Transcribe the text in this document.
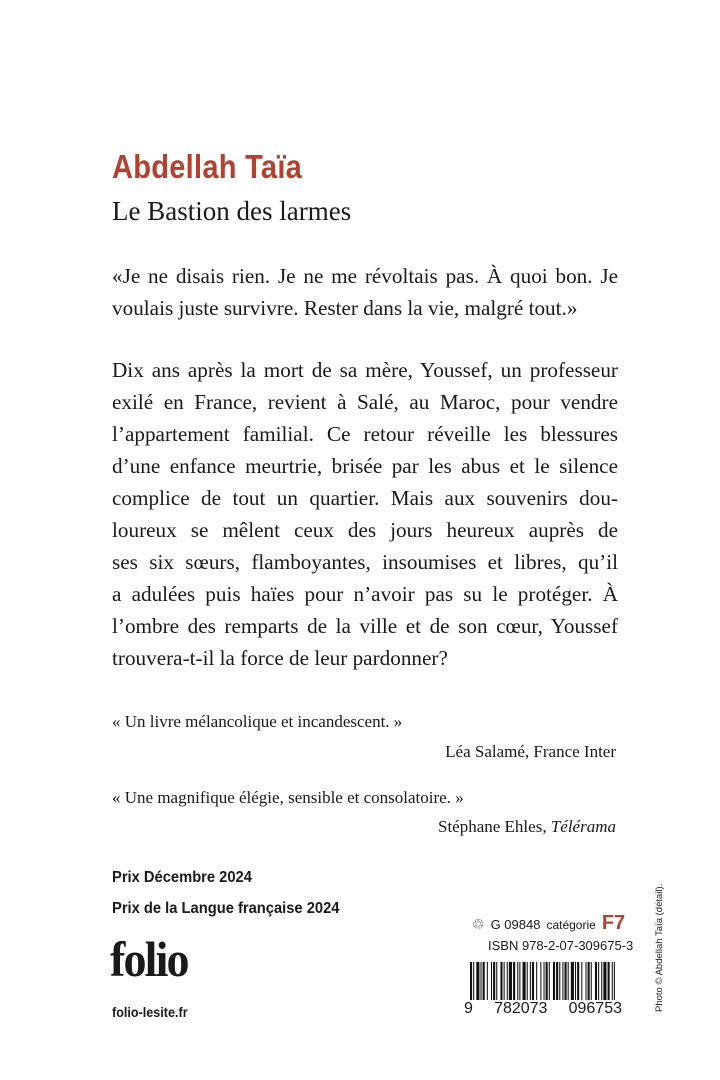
Abdellah Taïa
Le Bastion des larmes
«Je ne disais rien. Je ne me révoltais pas. À quoi bon. Je
voulais juste survivre. Rester dans la vie, malgré tout.»
Dix ans après la mort de sa mère, Youssef, un professeur
exilé en France, revient à Salé, au Maroc, pour vendre
l’appartement familial. Ce retour réveille les blessures
d’une enfance meurtrie, brisée par les abus et le silence
complice de tout un quartier. Mais aux souvenirs dou-
loureux se mêlent ceux des jours heureux auprès de
ses six sœurs, flamboyantes, insoumises et libres, qu’il
a adulées puis haïes pour n’avoir pas su le protéger. À
l’ombre des remparts de la ville et de son cœur, Youssef
trouvera-t-il la force de leur pardonner?
« Un livre mélancolique et incandescent. »
Léa Salamé, France Inter
« Une magnifique élégie, sensible et consolatoire. »
Stéphane Ehles, Télérama
Prix Décembre 2024
Prix de la Langue française 2024
folio
folio-lesite.fr
♲ G 09848 catégorie F7
ISBN 978-2-07-309675-3
9 782073 096753	Photo © Abdellah Taïa (détail).
